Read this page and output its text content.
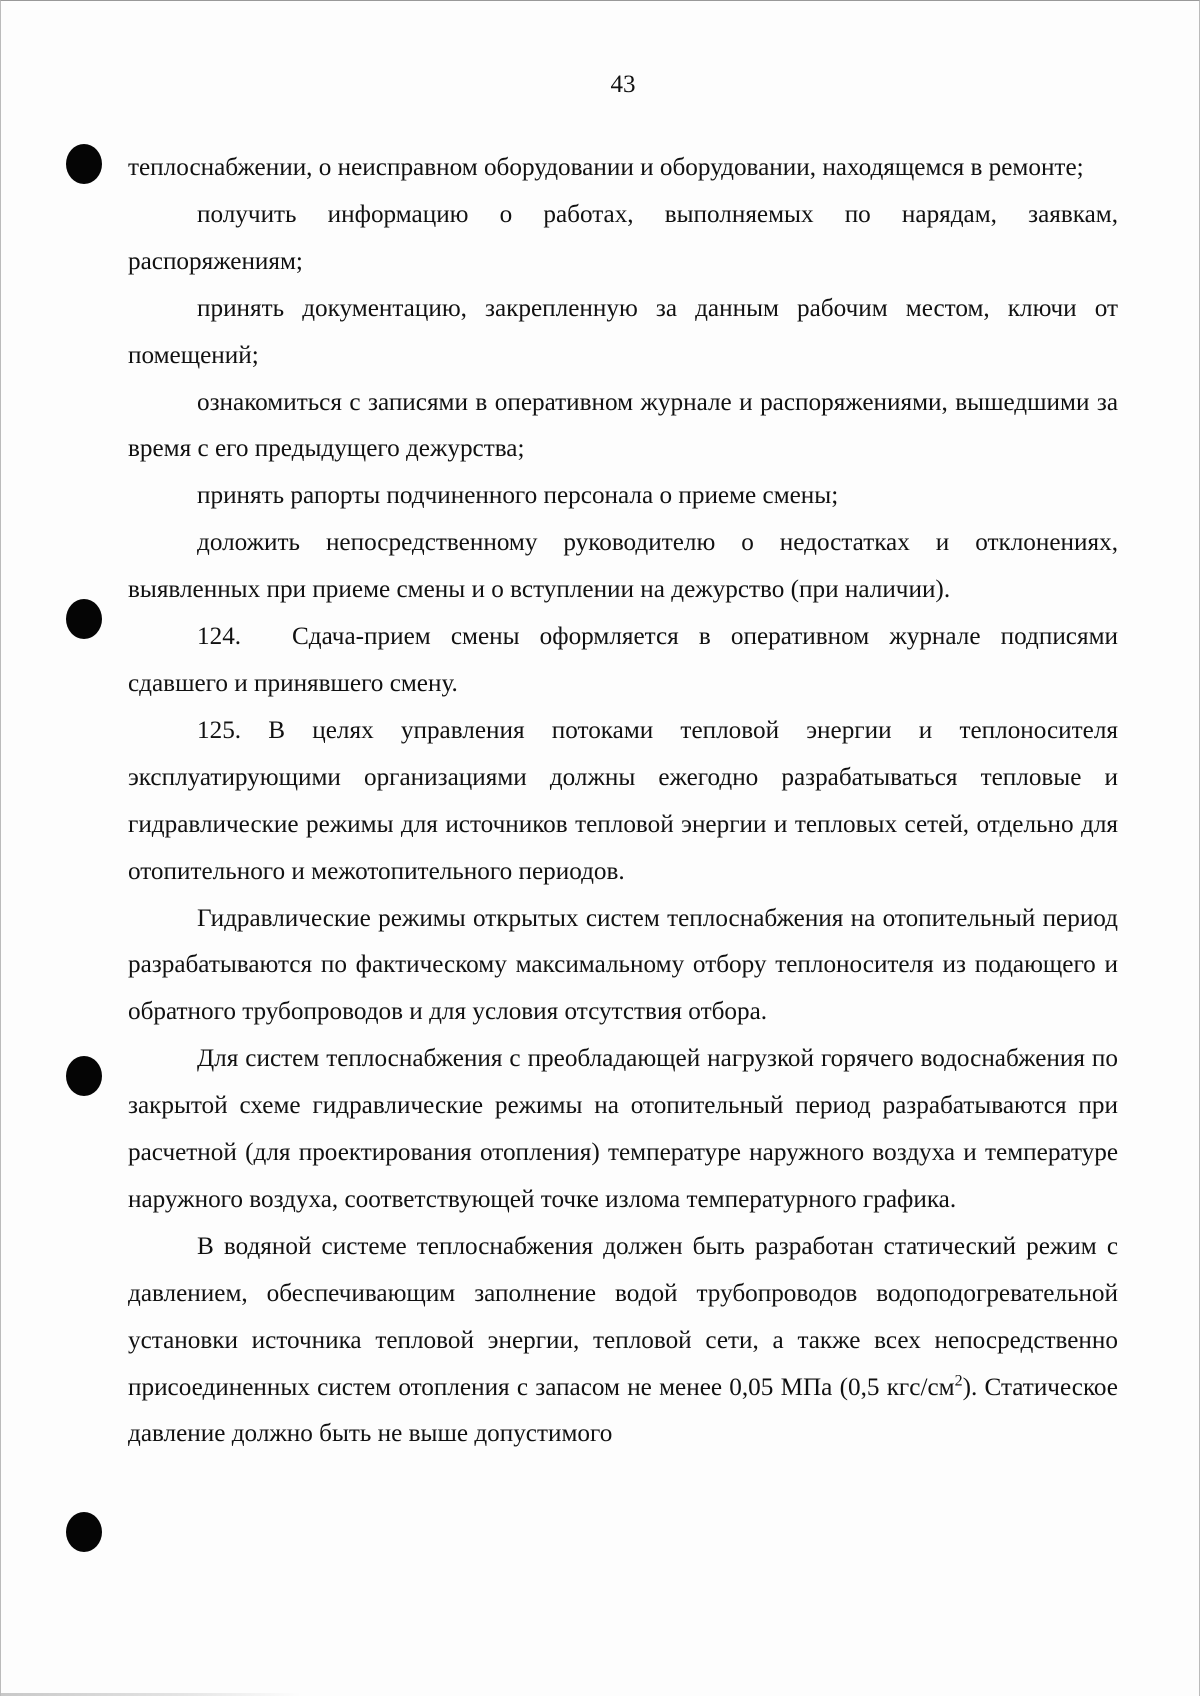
43

теплоснабжении, о неисправном оборудовании и оборудовании, находящемся в ремонте;

получить информацию о работах, выполняемых по нарядам, заявкам, распоряжениям;

принять документацию, закрепленную за данным рабочим местом, ключи от помещений;

ознакомиться с записями в оперативном журнале и распоряжениями, вышедшими за время с его предыдущего дежурства;

принять рапорты подчиненного персонала о приеме смены;

доложить непосредственному руководителю о недостатках и отклонениях, выявленных при приеме смены и о вступлении на дежурство (при наличии).

124. Сдача-прием смены оформляется в оперативном журнале подписями сдавшего и принявшего смену.

125. В целях управления потоками тепловой энергии и теплоносителя эксплуатирующими организациями должны ежегодно разрабатываться тепловые и гидравлические режимы для источников тепловой энергии и тепловых сетей, отдельно для отопительного и межотопительного периодов.

Гидравлические режимы открытых систем теплоснабжения на отопительный период разрабатываются по фактическому максимальному отбору теплоносителя из подающего и обратного трубопроводов и для условия отсутствия отбора.

Для систем теплоснабжения с преобладающей нагрузкой горячего водоснабжения по закрытой схеме гидравлические режимы на отопительный период разрабатываются при расчетной (для проектирования отопления) температуре наружного воздуха и температуре наружного воздуха, соответствующей точке излома температурного графика.

В водяной системе теплоснабжения должен быть разработан статический режим с давлением, обеспечивающим заполнение водой трубопроводов водоподогревательной установки источника тепловой энергии, тепловой сети, а также всех непосредственно присоединенных систем отопления с запасом не менее 0,05 МПа (0,5 кгс/$см^2$). Статическое давление должно быть не выше допустимого
